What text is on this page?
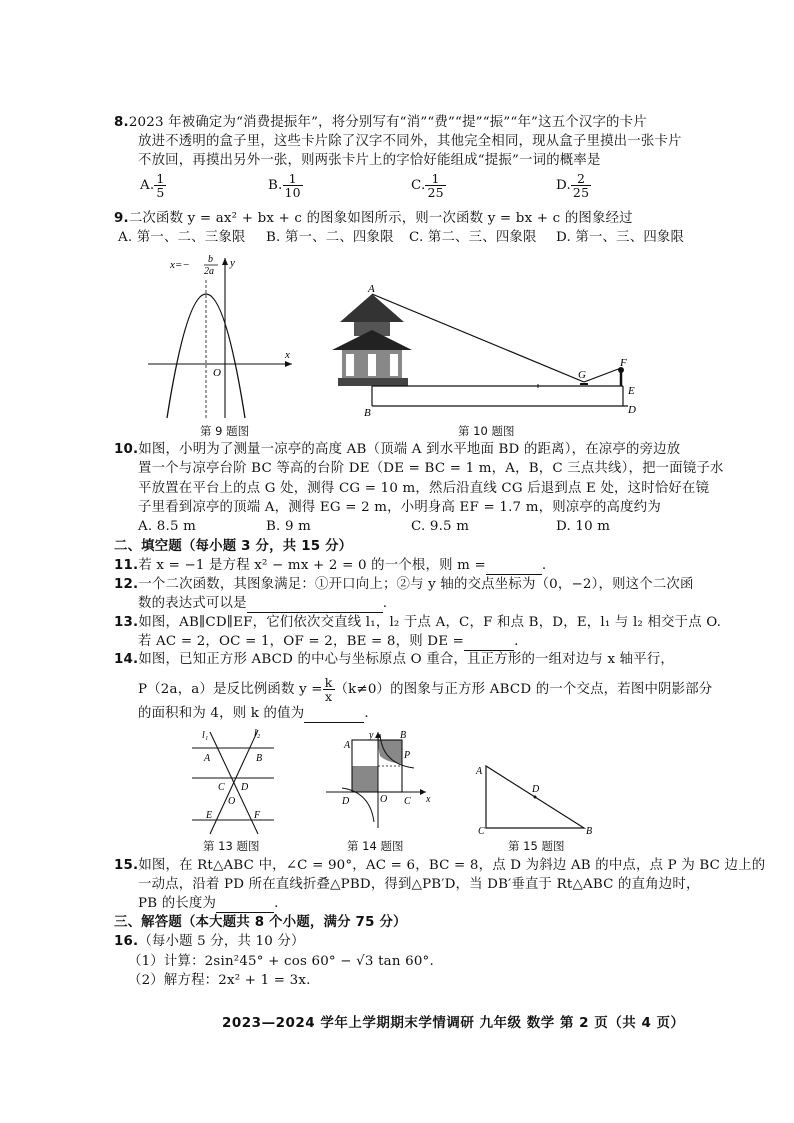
8.2023 年被确定为“消费提振年”，将分别写有“消”“费”“提”“振”“年”这五个汉字的卡片
放进不透明的盒子里，这些卡片除了汉字不同外，其他完全相同，现从盒子里摸出一张卡片
不放回，再摸出另外一张，则两张卡片上的字恰好能组成“提振”一词的概率是
A. $\frac{1}{5}$	B. $\frac{1}{10}$	C. $\frac{1}{25}$	D. $\frac{2}{25}$
9.二次函数 y = ax² + bx + c 的图象如图所示，则一次函数 y = bx + c 的图象经过
A. 第一、二、三象限 B. 第一、二、四象限 C. 第二、三、四象限 D. 第一、三、四象限
x=− b
2a
y
x
O
第 9 题图
A
B
G
F
E
D
第 10 题图
10.如图，小明为了测量一凉亭的高度 AB（顶端 A 到水平地面 BD 的距离），在凉亭的旁边放
置一个与凉亭台阶 BC 等高的台阶 DE（DE = BC = 1 m，A，B，C 三点共线），把一面镜子水
平放置在平台上的点 G 处，测得 CG = 10 m，然后沿直线 CG 后退到点 E 处，这时恰好在镜
子里看到凉亭的顶端 A，测得 EG = 2 m，小明身高 EF = 1.7 m，则凉亭的高度约为
A. 8.5 m	B. 9 m	C. 9.5 m	D. 10 m
二、填空题（每小题 3 分，共 15 分）
11.若 x = −1 是方程 x² − mx + 2 = 0 的一个根，则 m =	.
12.一个二次函数，其图象满足：①开口向上；②与 y 轴的交点坐标为（0，−2），则这个二次函
数的表达式可以是	.
13.如图，AB∥CD∥EF，它们依次交直线 l₁，l₂ 于点 A，C，F 和点 B，D，E，l₁ 与 l₂ 相交于点 O.
若 AC = 2，OC = 1，OF = 2，BE = 8，则 DE =	.
14.如图，已知正方形 ABCD 的中心与坐标原点 O 重合，且正方形的一组对边与 x 轴平行，
P（2a，a）是反比例函数 $y = \frac{k}{x} (k\ne 0)$的图象与正方形 ABCD 的一个交点，若图中阴影部分
的面积和为 4，则 k 的值为	.
l₁	l₂
A	B
C D
O
E	F
第 13 题图
y
x
A
B
P
O C
D
第 14 题图
A
D
C	B
第 15 题图
15.如图，在 Rt△ABC 中，∠C = 90°，AC = 6，BC = 8，点 D 为斜边 AB 的中点，点 P 为 BC 边上的
一动点，沿着 PD 所在直线折叠△PBD，得到△PB′D，当 DB′垂直于 Rt△ABC 的直角边时，
PB 的长度为	.
三、解答题（本大题共 8 个小题，满分 75 分）
16.（每小题 5 分，共 10 分）
（1）计算：2sin²45° + cos 60° − √3 tan 60°.
（2）解方程：2x² + 1 = 3x.
2023—2024 学年上学期期末学情调研 九年级 数学 第 2 页（共 4 页）
